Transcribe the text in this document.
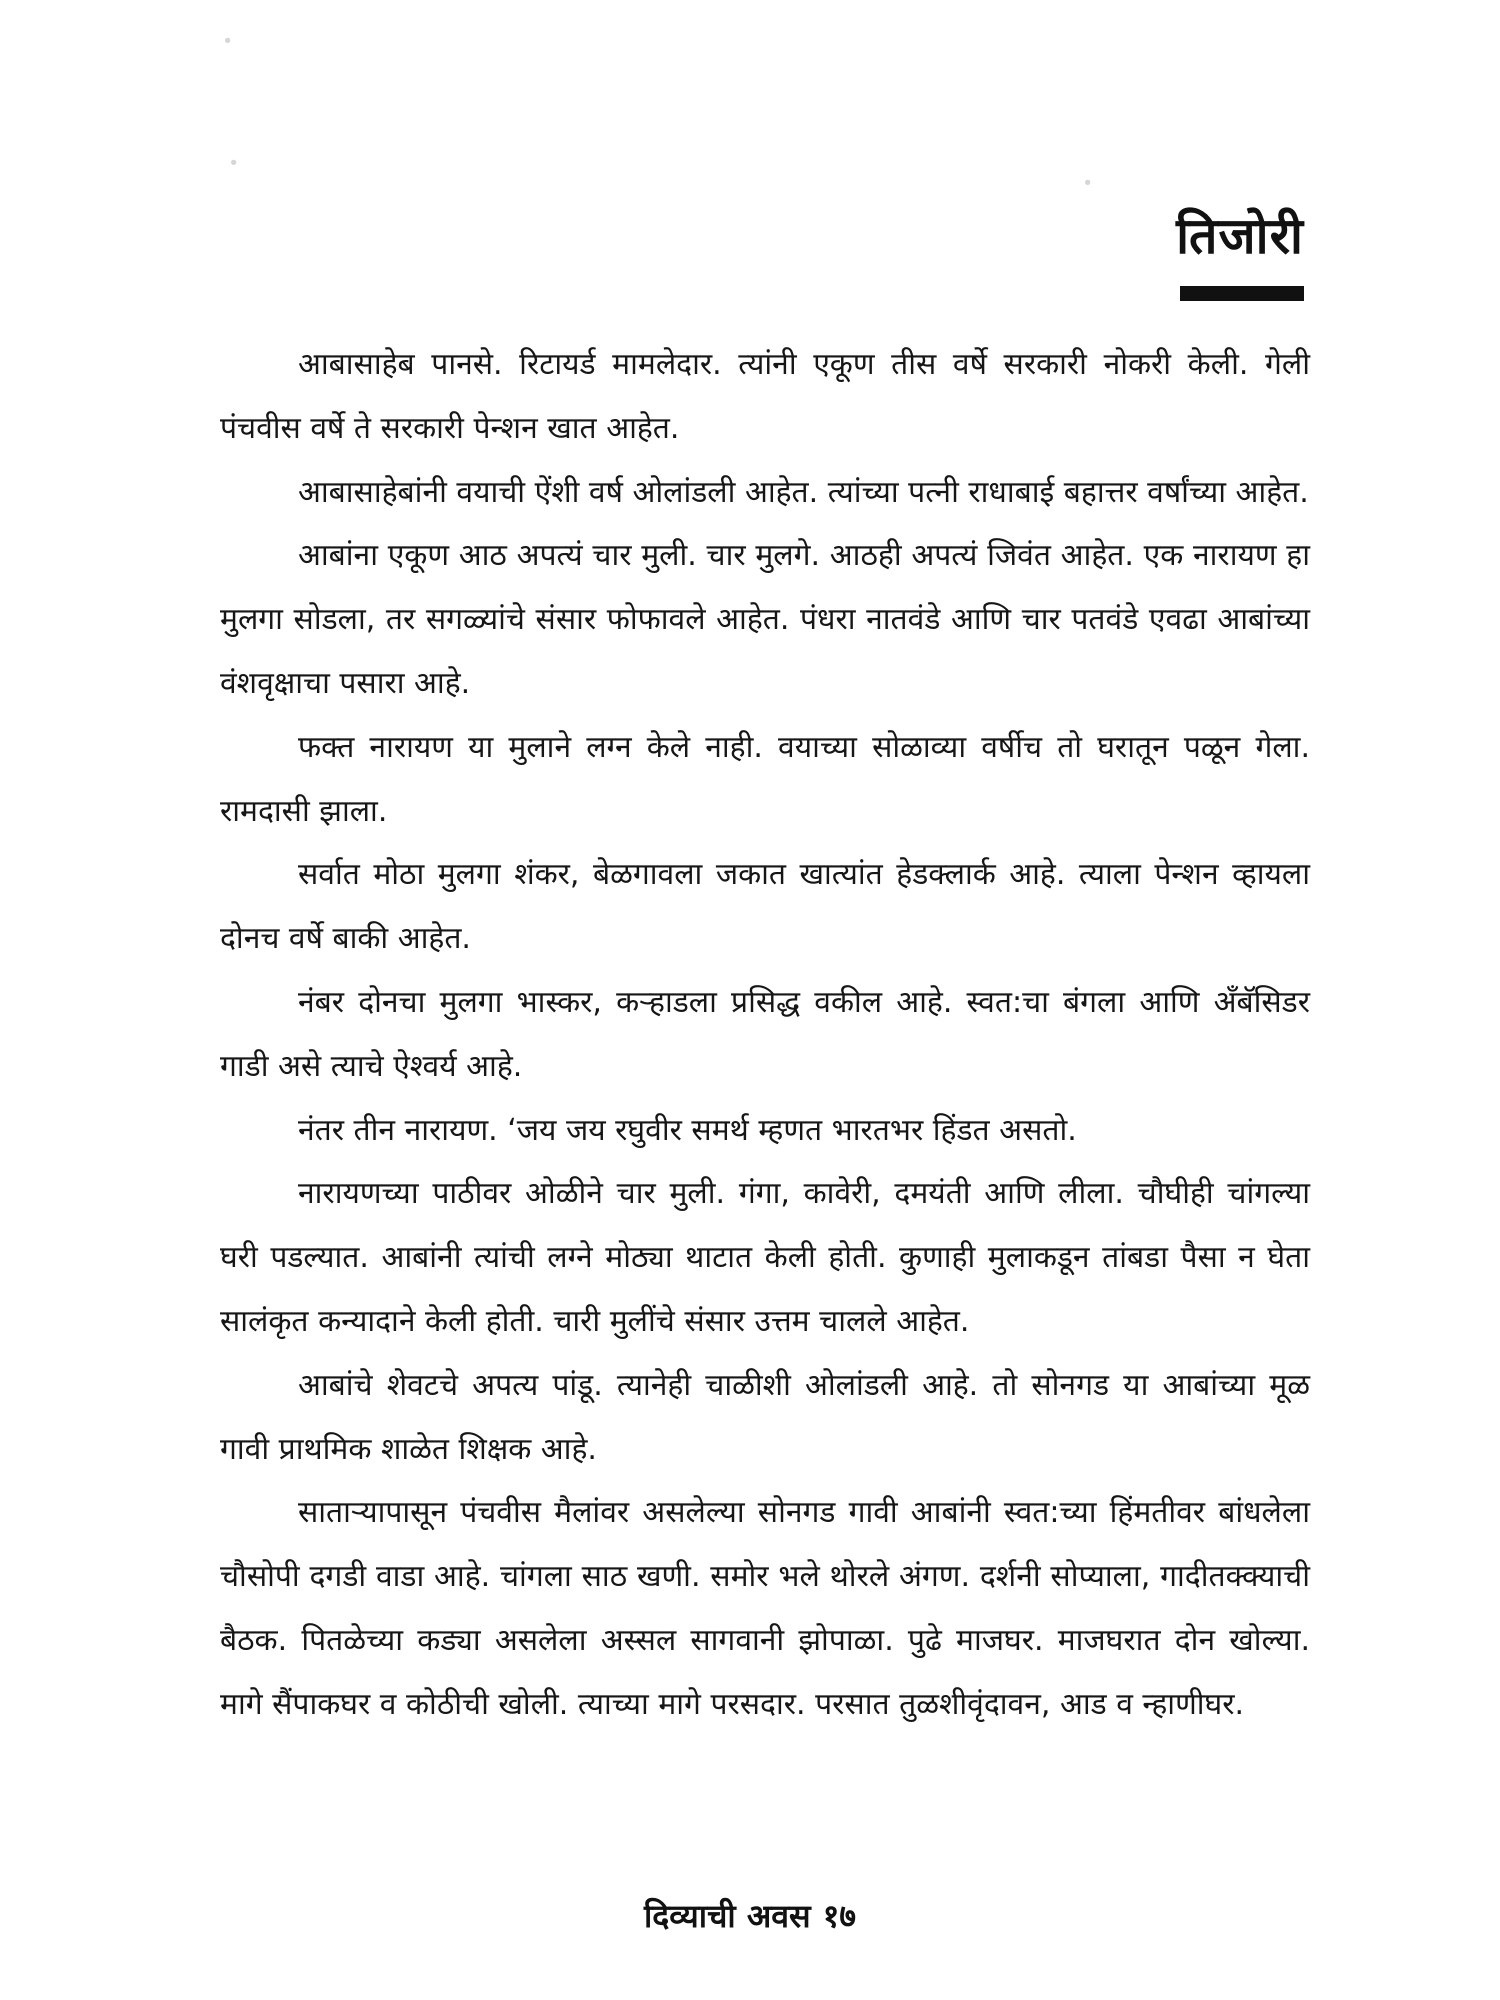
∙
∙
∙
तिजोरी

आबासाहेब पानसे. रिटायर्ड मामलेदार. त्यांनी एकूण तीस वर्षे सरकारी नोकरी केली. गेली पंचवीस वर्षे ते सरकारी पेन्शन खात आहेत.

आबासाहेबांनी वयाची ऐंशी वर्ष ओलांडली आहेत. त्यांच्या पत्नी राधाबाई बहात्तर वर्षांच्या आहेत.

आबांना एकूण आठ अपत्यं चार मुली. चार मुलगे. आठही अपत्यं जिवंत आहेत. एक नारायण हा मुलगा सोडला, तर सगळ्यांचे संसार फोफावले आहेत. पंधरा नातवंडे आणि चार पतवंडे एवढा आबांच्या वंशवृक्षाचा पसारा आहे.

फक्त नारायण या मुलाने लग्न केले नाही. वयाच्या सोळाव्या वर्षीच तो घरातून पळून गेला. रामदासी झाला.

सर्वात मोठा मुलगा शंकर, बेळगावला जकात खात्यांत हेडक्लार्क आहे. त्याला पेन्शन व्हायला दोनच वर्षे बाकी आहेत.

नंबर दोनचा मुलगा भास्कर, कऱ्हाडला प्रसिद्ध वकील आहे. स्वत:चा बंगला आणि अँबॅसिडर गाडी असे त्याचे ऐश्वर्य आहे.

नंतर तीन नारायण. ‘जय जय रघुवीर समर्थ म्हणत भारतभर हिंडत असतो.

नारायणच्या पाठीवर ओळीने चार मुली. गंगा, कावेरी, दमयंती आणि लीला. चौघीही चांगल्या घरी पडल्यात. आबांनी त्यांची लग्ने मोठ्या थाटात केली होती. कुणाही मुलाकडून तांबडा पैसा न घेता सालंकृत कन्यादाने केली होती. चारी मुलींचे संसार उत्तम चालले आहेत.

आबांचे शेवटचे अपत्य पांडू. त्यानेही चाळीशी ओलांडली आहे. तो सोनगड या आबांच्या मूळ गावी प्राथमिक शाळेत शिक्षक आहे.

साताऱ्यापासून पंचवीस मैलांवर असलेल्या सोनगड गावी आबांनी स्वत:च्या हिंमतीवर बांधलेला चौसोपी दगडी वाडा आहे. चांगला साठ खणी. समोर भले थोरले अंगण. दर्शनी सोप्याला, गादीतक्क्याची बैठक. पितळेच्या कड्या असलेला अस्सल सागवानी झोपाळा. पुढे माजघर. माजघरात दोन खोल्या. मागे सैंपाकघर व कोठीची खोली. त्याच्या मागे परसदार. परसात तुळशीवृंदावन, आड व न्हाणीघर.

दिव्याची अवस १७
